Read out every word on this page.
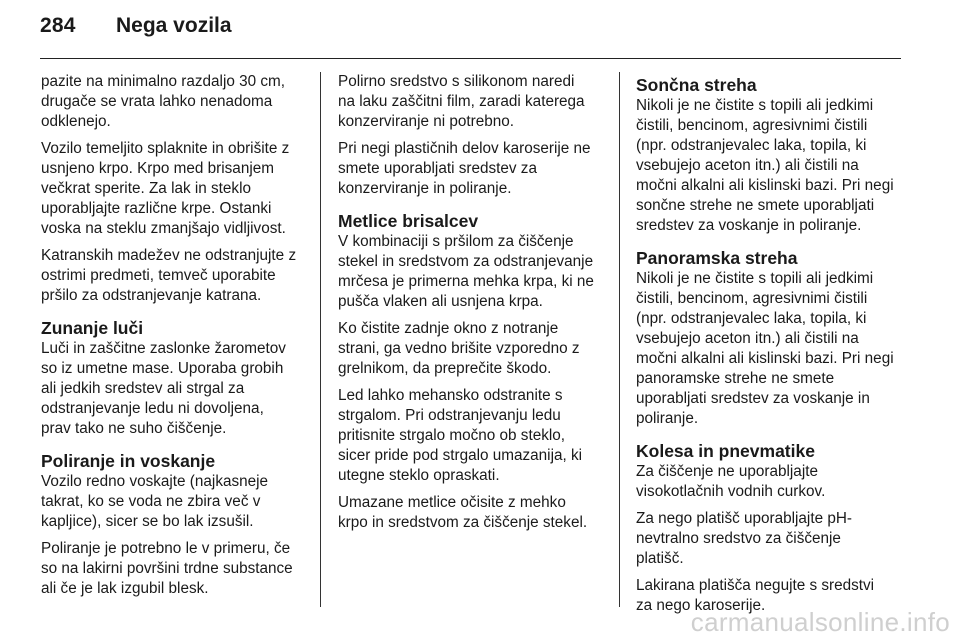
284 Nega vozila

pazite na minimalno razdaljo 30 cm,
drugače se vrata lahko nenadoma
odklenejo.

Vozilo temeljito splaknite in obrišite z
usnjeno krpo. Krpo med brisanjem
večkrat sperite. Za lak in steklo
uporabljajte različne krpe. Ostanki
voska na steklu zmanjšajo vidljivost.

Katranskih madežev ne odstranjujte z
ostrimi predmeti, temveč uporabite
pršilo za odstranjevanje katrana.

Zunanje luči

Luči in zaščitne zaslonke žarometov
so iz umetne mase. Uporaba grobih
ali jedkih sredstev ali strgal za
odstranjevanje ledu ni dovoljena,
prav tako ne suho čiščenje.

Poliranje in voskanje

Vozilo redno voskajte (najkasneje
takrat, ko se voda ne zbira več v
kapljice), sicer se bo lak izsušil.

Poliranje je potrebno le v primeru, če
so na lakirni površini trdne substance
ali če je lak izgubil blesk.

Polirno sredstvo s silikonom naredi
na laku zaščitni film, zaradi katerega
konzerviranje ni potrebno.

Pri negi plastičnih delov karoserije ne
smete uporabljati sredstev za
konzerviranje in poliranje.

Metlice brisalcev

V kombinaciji s pršilom za čiščenje
stekel in sredstvom za odstranjevanje
mrčesa je primerna mehka krpa, ki ne
pušča vlaken ali usnjena krpa.

Ko čistite zadnje okno z notranje
strani, ga vedno brišite vzporedno z
grelnikom, da preprečite škodo.

Led lahko mehansko odstranite s
strgalom. Pri odstranjevanju ledu
pritisnite strgalo močno ob steklo,
sicer pride pod strgalo umazanija, ki
utegne steklo opraskati.

Umazane metlice očisite z mehko
krpo in sredstvom za čiščenje stekel.

Sončna streha

Nikoli je ne čistite s topili ali jedkimi
čistili, bencinom, agresivnimi čistili
(npr. odstranjevalec laka, topila, ki
vsebujejo aceton itn.) ali čistili na
močni alkalni ali kislinski bazi. Pri negi
sončne strehe ne smete uporabljati
sredstev za voskanje in poliranje.

Panoramska streha

Nikoli je ne čistite s topili ali jedkimi
čistili, bencinom, agresivnimi čistili
(npr. odstranjevalec laka, topila, ki
vsebujejo aceton itn.) ali čistili na
močni alkalni ali kislinski bazi. Pri negi
panoramske strehe ne smete
uporabljati sredstev za voskanje in
poliranje.

Kolesa in pnevmatike

Za čiščenje ne uporabljajte
visokotlačnih vodnih curkov.

Za nego platišč uporabljajte pH-
nevtralno sredstvo za čiščenje
platišč.

Lakirana platišča negujte s sredstvi
za nego karoserije.

carmanualsonline.info
